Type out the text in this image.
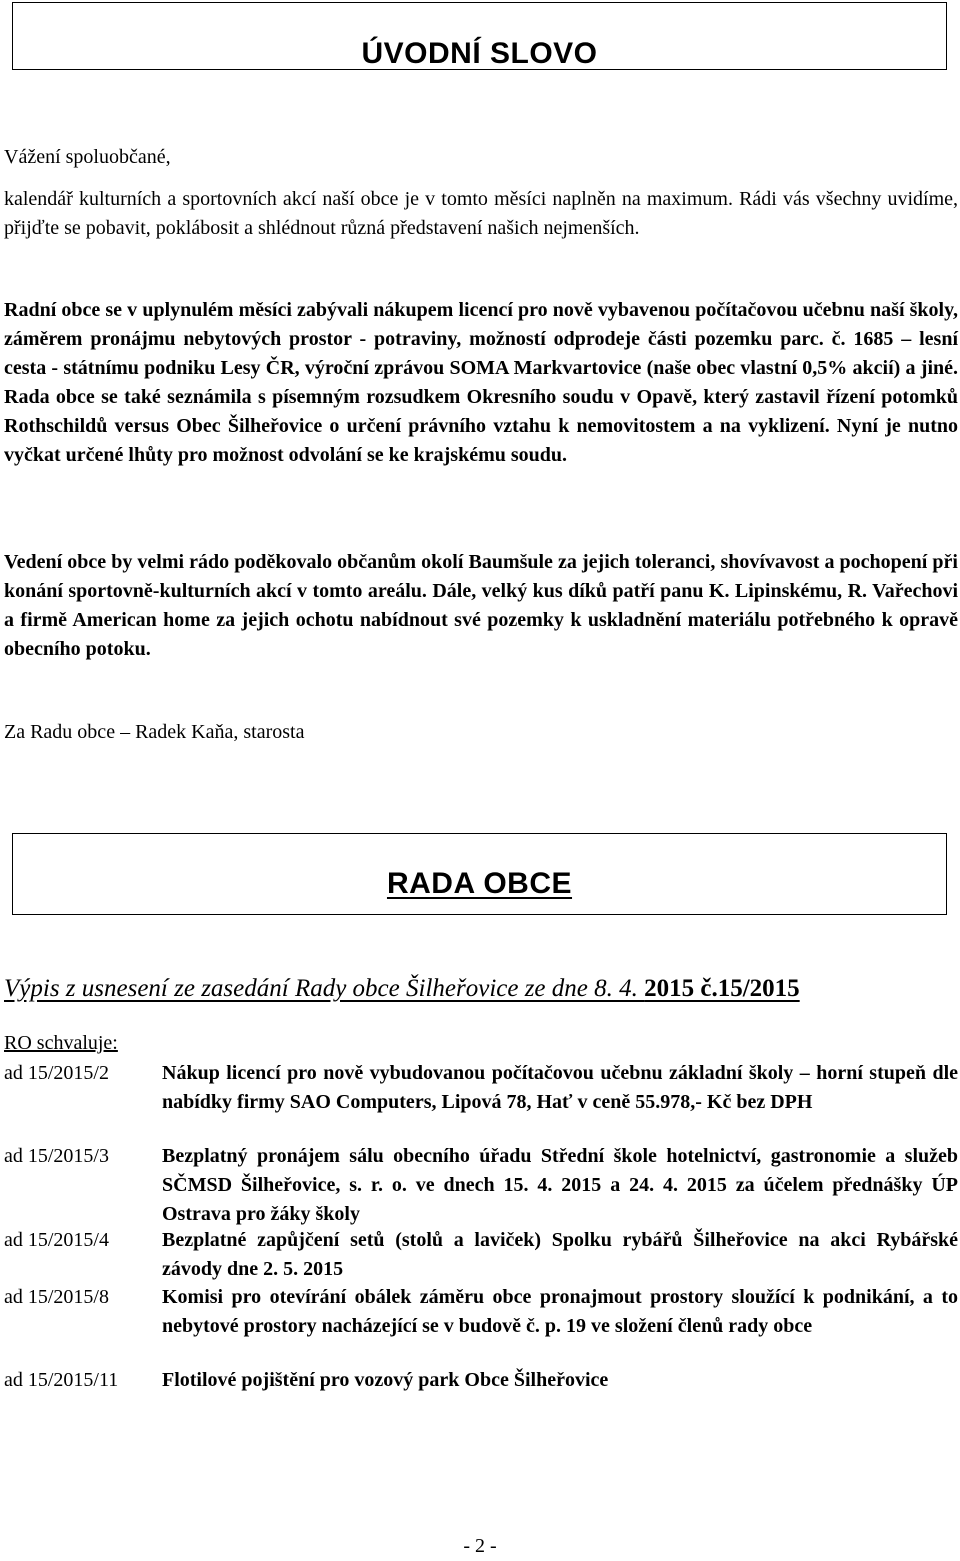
ÚVODNÍ SLOVO

Vážení spoluobčané,

kalendář kulturních a sportovních akcí naší obce je v tomto měsíci naplněn na maximum. Rádi vás všechny uvidíme, přijďte se pobavit, poklábosit a shlédnout různá představení našich nejmenších.

Radní obce se v uplynulém měsíci zabývali nákupem licencí pro nově vybavenou počítačovou učebnu naší školy, záměrem pronájmu nebytových prostor - potraviny, možností odprodeje části pozemku parc. č. 1685 – lesní cesta - státnímu podniku Lesy ČR, výroční zprávou SOMA Markvartovice (naše obec vlastní 0,5% akcií) a jiné. Rada obce se také seznámila s písemným rozsudkem Okresního soudu v Opavě, který zastavil řízení potomků Rothschildů versus Obec Šilheřovice o určení právního vztahu k nemovitostem a na vyklizení. Nyní je nutno vyčkat určené lhůty pro možnost odvolání se ke krajskému soudu.

Vedení obce by velmi rádo poděkovalo občanům okolí Baumšule za jejich toleranci, shovívavost a pochopení při konání sportovně-kulturních akcí v tomto areálu. Dále, velký kus díků patří panu K. Lipinskému, R. Vařechovi a firmě American home za jejich ochotu nabídnout své pozemky k uskladnění materiálu potřebného k opravě obecního potoku.

Za Radu obce – Radek Kaňa, starosta

RADA OBCE

Výpis z usnesení ze zasedání Rady obce Šilheřovice ze dne 8. 4. 2015 č.15/2015

RO schvaluje:

ad 15/2015/2	Nákup licencí pro nově vybudovanou počítačovou učebnu základní školy – horní stupeň dle nabídky firmy SAO Computers, Lipová 78, Hať v ceně 55.978,- Kč bez DPH
ad 15/2015/3	Bezplatný pronájem sálu obecního úřadu Střední škole hotelnictví, gastronomie a služeb SČMSD Šilheřovice, s. r. o. ve dnech 15. 4. 2015 a 24. 4. 2015 za účelem přednášky ÚP Ostrava pro žáky školy
ad 15/2015/4	Bezplatné zapůjčení setů (stolů a laviček) Spolku rybářů Šilheřovice na akci Rybářské závody dne 2. 5. 2015
ad 15/2015/8	Komisi pro otevírání obálek záměru obce pronajmout prostory sloužící k podnikání, a to nebytové prostory nacházející se v budově č. p. 19 ve složení členů rady obce
ad 15/2015/11	Flotilové pojištění pro vozový park Obce Šilheřovice

- 2 -
